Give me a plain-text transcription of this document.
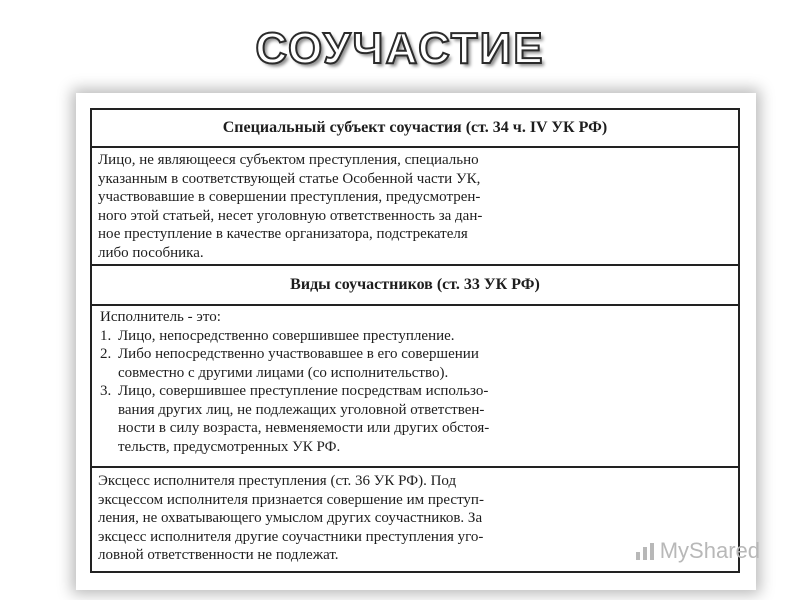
СОУЧАСТИЕ
Специальный субъект соучастия (ст. 34 ч. IV УК РФ)
Лицо, не являющееся субъектом преступления, специально
указанным в соответствующей статье Особенной части УК,
участвовавшие в совершении преступления, предусмотрен-
ного этой статьей, несет уголовную ответственность за дан-
ное преступление в качестве организатора, подстрекателя
либо пособника.
Виды соучастников (ст. 33 УК РФ)
Исполнитель - это:
1. Лицо, непосредственно совершившее преступление.
2. Либо непосредственно участвовавшее в его совершении
совместно с другими лицами (со исполнительство).
3. Лицо, совершившее преступление посредствам использо-
вания других лиц, не подлежащих уголовной ответствен-
ности в силу возраста, невменяемости или других обстоя-
тельств, предусмотренных УК РФ.
Эксцесс исполнителя преступления (ст. 36 УК РФ). Под
эксцессом исполнителя признается совершение им преступ-
ления, не охватывающего умыслом других соучастников. За
эксцесс исполнителя другие соучастники преступления уго-
ловной ответственности не подлежат.	MyShared
